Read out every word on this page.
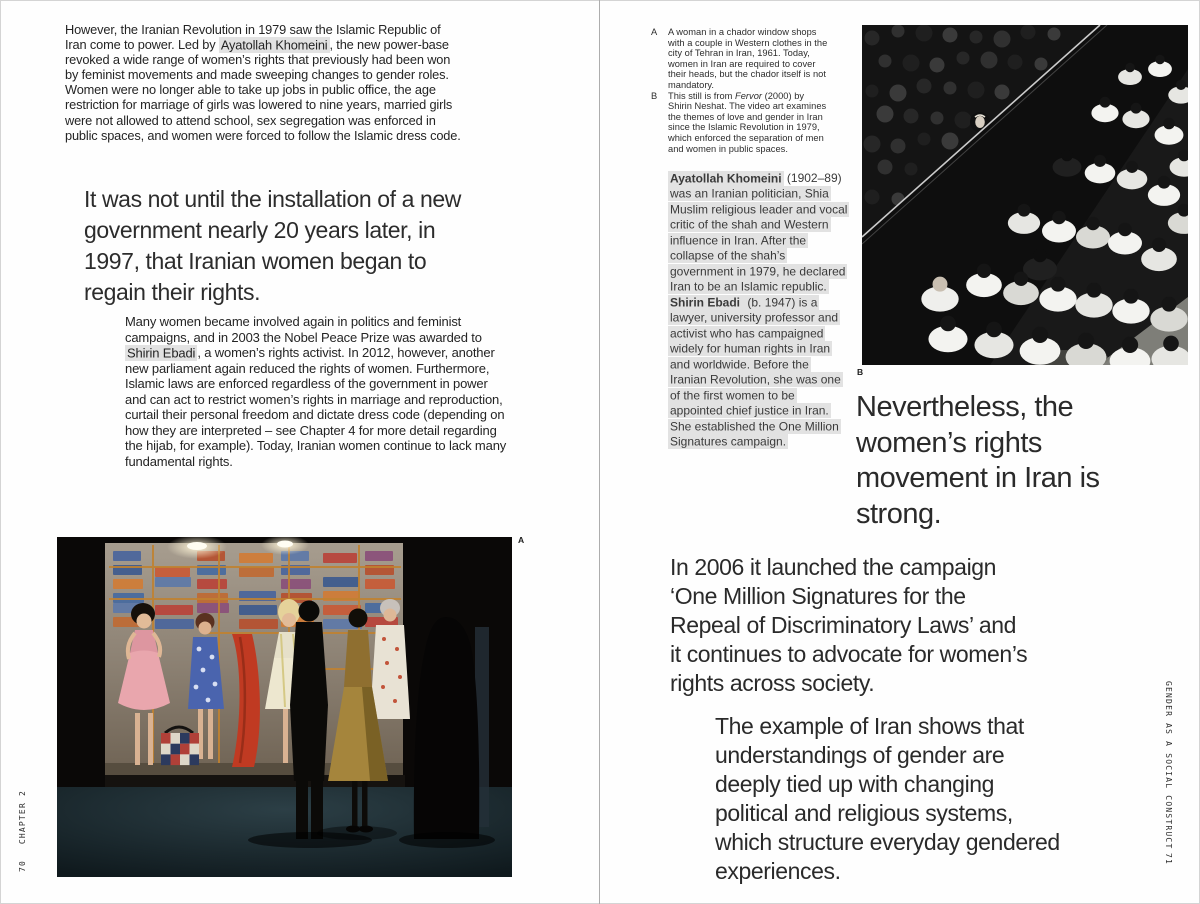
However, the Iranian Revolution in 1979 saw the Islamic Republic of Iran come to power. Led by Ayatollah Khomeini , the new power-base revoked a wide range of women’s rights that previously had been won by feminist movements and made sweeping changes to gender roles. Women were no longer able to take up jobs in public office, the age restriction for marriage of girls was lowered to nine years, married girls were not allowed to attend school, sex segregation was enforced in public spaces, and women were forced to follow the Islamic dress code.

It was not until the installation of a new government nearly 20 years later, in 1997, that Iranian women began to regain their rights.

Many women became involved again in politics and feminist campaigns, and in 2003 the Nobel Peace Prize was awarded to Shirin Ebadi , a women’s rights activist. In 2012, however, another new parliament again reduced the rights of women. Furthermore, Islamic laws are enforced regardless of the government in power and can act to restrict women’s rights in marriage and reproduction, curtail their personal freedom and dictate dress code (depending on how they are interpreted – see Chapter 4 for more detail regarding the hijab, for example). Today, Iranian women continue to lack many fundamental rights.

A
CHAPTER 2
70
A A woman in a chador window shops with a couple in Western clothes in the city of Tehran in Iran, 1961. Today, women in Iran are required to cover their heads, but the chador itself is not mandatory.
B This still is from Fervor (2000) by Shirin Neshat. The video art examines the themes of love and gender in Iran since the Islamic Revolution in 1979, which enforced the separation of men and women in public spaces.

Ayatollah Khomeini (1902–89) was an Iranian politician, Shia Muslim religious leader and vocal critic of the shah and Western influence in Iran. After the collapse of the shah’s government in 1979, he declared Iran to be an Islamic republic.

Shirin Ebadi (b. 1947) is a lawyer, university professor and activist who has campaigned widely for human rights in Iran and worldwide. Before the Iranian Revolution, she was one of the first women to be appointed chief justice in Iran. She established the One Million Signatures campaign.

B
Nevertheless, the women’s rights movement in Iran is strong.

In 2006 it launched the campaign ‘One Million Signatures for the Repeal of Discriminatory Laws’ and it continues to advocate for women’s rights across society.

The example of Iran shows that understandings of gender are deeply tied up with changing political and religious systems, which structure everyday gendered experiences.

GENDER AS A SOCIAL CONSTRUCT
71
